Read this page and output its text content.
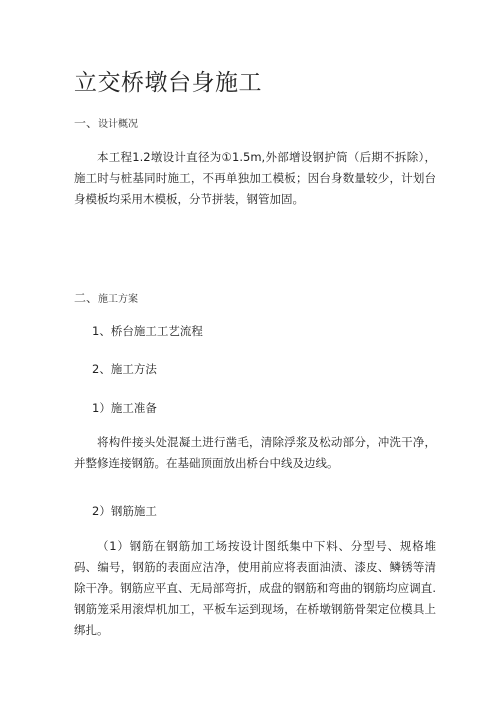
立交桥墩台身施工
一、设计概况

本工程1.2墩设计直径为①1.5m,外部增设钢护筒（后期不拆除），施工时与桩基同时施工，不再单独加工模板；因台身数量较少，计划台身模板均采用木模板，分节拼装，钢管加固。

二、施工方案

1、桥台施工工艺流程

2、施工方法

1）施工准备

将构件接头处混凝土进行凿毛，清除浮浆及松动部分，冲洗干净，并整修连接钢筋。在基础顶面放出桥台中线及边线。

2）钢筋施工

（1）钢筋在钢筋加工场按设计图纸集中下料、分型号、规格堆码、编号，钢筋的表面应洁净，使用前应将表面油渍、漆皮、鳞锈等清除干净。钢筋应平直、无局部弯折，成盘的钢筋和弯曲的钢筋均应调直.钢筋笼采用滚焊机加工，平板车运到现场，在桥墩钢筋骨架定位模具上绑扎。
